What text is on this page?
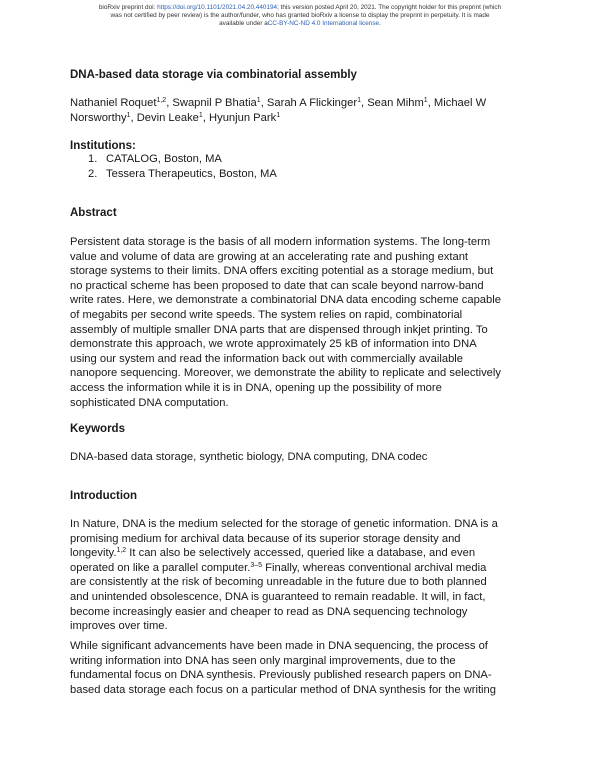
bioRxiv preprint doi: https://doi.org/10.1101/2021.04.20.440194; this version posted April 20, 2021. The copyright holder for this preprint (which
was not certified by peer review) is the author/funder, who has granted bioRxiv a license to display the preprint in perpetuity. It is made
available under aCC-BY-NC-ND 4.0 International license.
DNA-based data storage via combinatorial assembly
Nathaniel Roquet$^{1,2}$, Swapnil P Bhatia$^1$, Sarah A Flickinger$^1$, Sean Mihm$^1$, Michael W
Norsworthy$^1$, Devin Leake$^1$, Hyunjun Park$^1$
Institutions:
1. CATALOG, Boston, MA
2. Tessera Therapeutics, Boston, MA
Abstract
Persistent data storage is the basis of all modern information systems. The long-term
value and volume of data are growing at an accelerating rate and pushing extant
storage systems to their limits. DNA offers exciting potential as a storage medium, but
no practical scheme has been proposed to date that can scale beyond narrow-band
write rates. Here, we demonstrate a combinatorial DNA data encoding scheme capable
of megabits per second write speeds. The system relies on rapid, combinatorial
assembly of multiple smaller DNA parts that are dispensed through inkjet printing. To
demonstrate this approach, we wrote approximately 25 kB of information into DNA
using our system and read the information back out with commercially available
nanopore sequencing. Moreover, we demonstrate the ability to replicate and selectively
access the information while it is in DNA, opening up the possibility of more
sophisticated DNA computation.
Keywords
DNA-based data storage, synthetic biology, DNA computing, DNA codec
Introduction
In Nature, DNA is the medium selected for the storage of genetic information. DNA is a
promising medium for archival data because of its superior storage density and
longevity.$^{1,2}$ It can also be selectively accessed, queried like a database, and even
operated on like a parallel computer.$^{3-5}$ Finally, whereas conventional archival media
are consistently at the risk of becoming unreadable in the future due to both planned
and unintended obsolescence, DNA is guaranteed to remain readable. It will, in fact,
become increasingly easier and cheaper to read as DNA sequencing technology
improves over time.
While significant advancements have been made in DNA sequencing, the process of
writing information into DNA has seen only marginal improvements, due to the
fundamental focus on DNA synthesis. Previously published research papers on DNA-
based data storage each focus on a particular method of DNA synthesis for the writing
